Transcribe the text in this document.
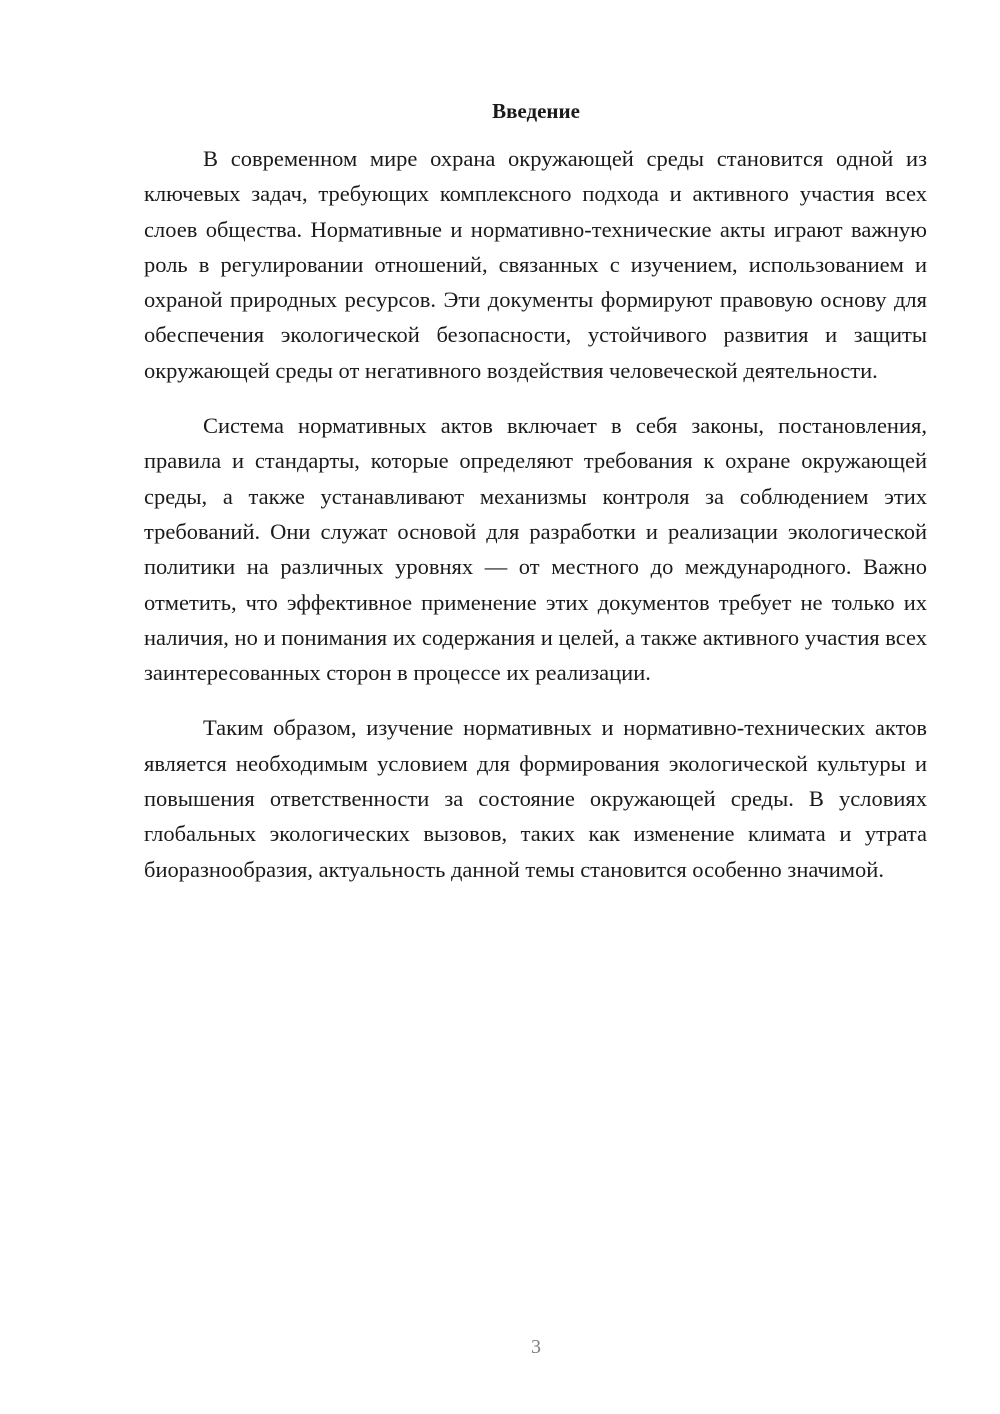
Введение

В современном мире охрана окружающей среды становится одной из ключевых задач, требующих комплексного подхода и активного участия всех слоев общества. Нормативные и нормативно-технические акты играют важную роль в регулировании отношений, связанных с изучением, использованием и охраной природных ресурсов. Эти документы формируют правовую основу для обеспечения экологической безопасности, устойчивого развития и защиты окружающей среды от негативного воздействия человеческой деятельности.

Система нормативных актов включает в себя законы, постановления, правила и стандарты, которые определяют требования к охране окружающей среды, а также устанавливают механизмы контроля за соблюдением этих требований. Они служат основой для разработки и реализации экологической политики на различных уровнях — от местного до международного. Важно отметить, что эффективное применение этих документов требует не только их наличия, но и понимания их содержания и целей, а также активного участия всех заинтересованных сторон в процессе их реализации.

Таким образом, изучение нормативных и нормативно-технических актов является необходимым условием для формирования экологической культуры и повышения ответственности за состояние окружающей среды. В условиях глобальных экологических вызовов, таких как изменение климата и утрата биоразнообразия, актуальность данной темы становится особенно значимой.

3
